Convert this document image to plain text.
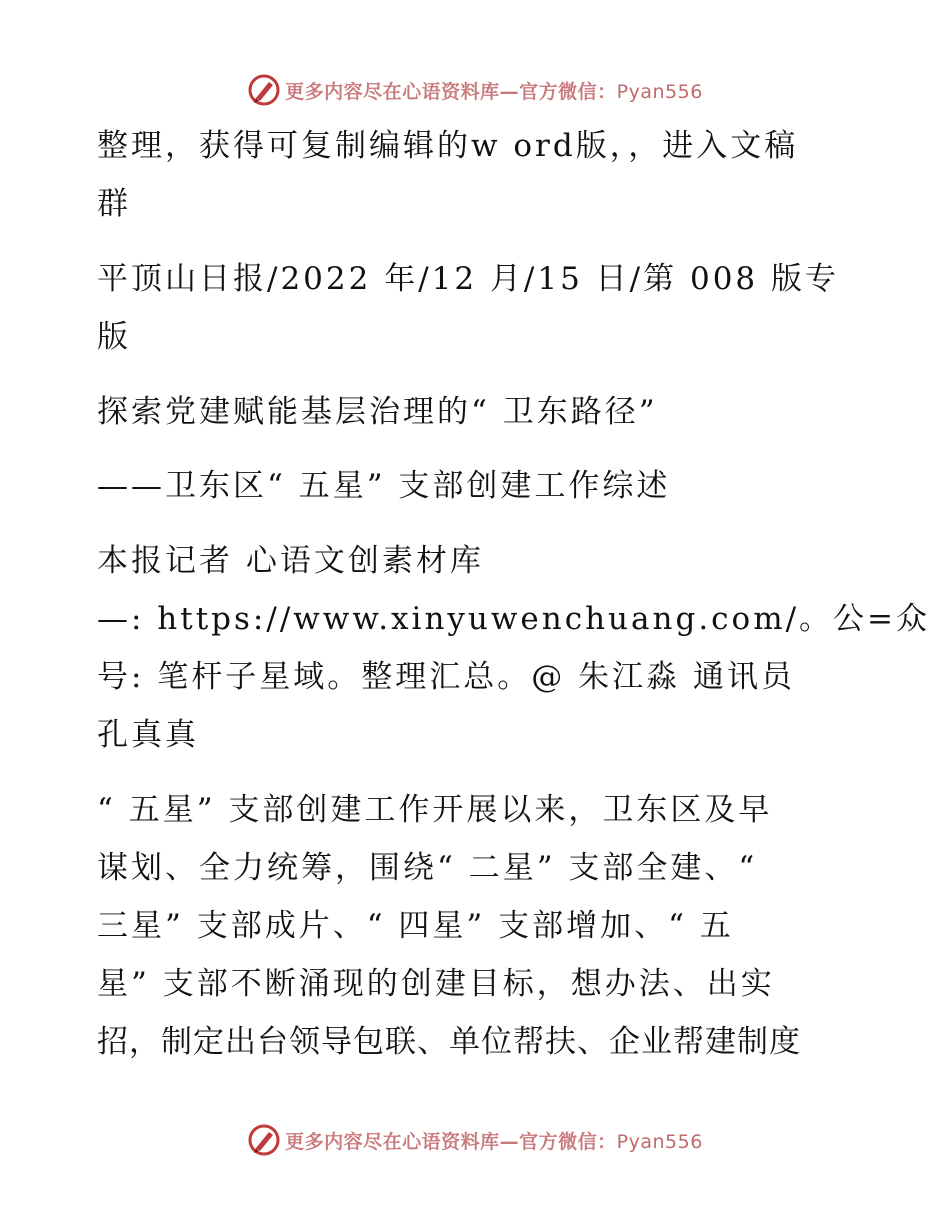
更多内容尽在心语资料库—官方微信：Pyan556
整理，获得可复制编辑的w ord版，，进入文稿
群
平顶山日报/2022 年/12 月/15 日/第 008 版专
版
探索党建赋能基层治理的“ 卫东路径”
——卫东区“ 五星” 支部创建工作综述
本报记者 心语文创素材库
—: https://www.xinyuwenchuang.com/。公=众
号: 笔杆子星域。整理汇总。@ 朱江淼 通讯员
孔真真
“ 五星” 支部创建工作开展以来，卫东区及早
谋划、全力统筹，围绕“ 二星” 支部全建、“
三星” 支部成片、“ 四星” 支部增加、“ 五
星” 支部不断涌现的创建目标，想办法、出实
招，制定出台领导包联、单位帮扶、企业帮建制度
更多内容尽在心语资料库—官方微信：Pyan556
